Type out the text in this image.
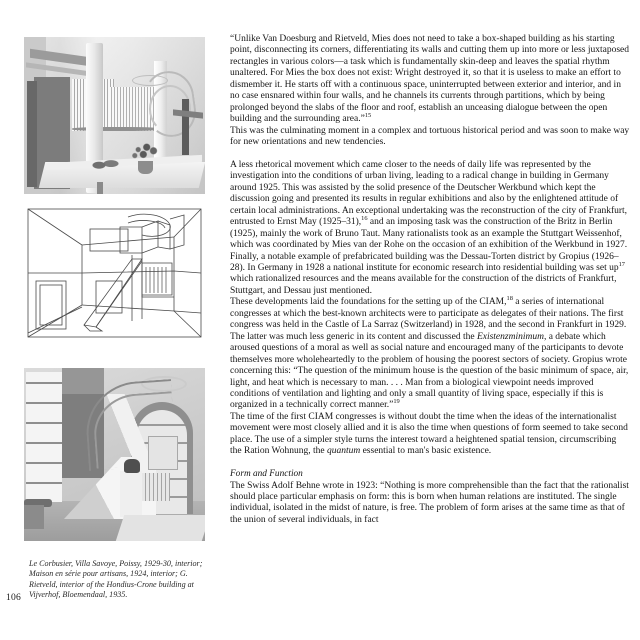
Le Corbusier, Villa Savoye, Poissy, 1929-30, interior; Maison en série pour artisans, 1924, interior; G. Rietveld, interior of the Hondius-Crone building at Vijverhof, Bloemendaal, 1935.
106

“Unlike Van Doesburg and Rietveld, Mies does not need to take a box-shaped building as his starting point, disconnecting its corners, differentiating its walls and cutting them up into more or less juxtaposed rectangles in various colors—a task which is fundamentally skin-deep and leaves the spatial rhythm unaltered. For Mies the box does not exist: Wright destroyed it, so that it is useless to make an effort to dismember it. He starts off with a continuous space, uninterrupted between exterior and interior, and in no case ensnared within four walls, and he channels its currents through partitions, which by being prolonged beyond the slabs of the floor and roof, establish an unceasing dialogue between the open building and the surrounding area.”$^{15}$

This was the culminating moment in a complex and tortuous historical period and was soon to make way for new orientations and new tendencies.

A less rhetorical movement which came closer to the needs of daily life was represented by the investigation into the conditions of urban living, leading to a radical change in building in Germany around 1925. This was assisted by the solid presence of the Deutscher Werkbund which kept the discussion going and presented its results in regular exhibitions and also by the enlightened attitude of certain local administrations. An exceptional undertaking was the reconstruction of the city of Frankfurt, entrusted to Ernst May (1925–31),$^{16}$ and an imposing task was the construction of the Britz in Berlin (1925), mainly the work of Bruno Taut. Many rationalists took as an example the Stuttgart Weissenhof, which was coordinated by Mies van der Rohe on the occasion of an exhibition of the Werkbund in 1927. Finally, a notable example of prefabricated building was the Dessau-Torten district by Gropius (1926–28). In Germany in 1928 a national institute for economic research into residential building was set $up^{17}$ which rationalized resources and the means available for the construction of the districts of Frankfurt, Stuttgart, and Dessau just mentioned.

These developments laid the foundations for the setting up of the CIAM,$^{18}$ a series of international congresses at which the best-known architects were to participate as delegates of their nations. The first congress was held in the Castle of La Sarraz (Switzerland) in 1928, and the second in Frankfurt in 1929. The latter was much less generic in its content and discussed the Existenzminimum, a debate which aroused questions of a moral as well as social nature and encouraged many of the participants to devote themselves more wholeheartedly to the problem of housing the poorest sectors of society. Gropius wrote concerning this: “The question of the minimum house is the question of the basic minimum of space, air, light, and heat which is necessary to man. . . . Man from a biological viewpoint needs improved conditions of ventilation and lighting and only a small quantity of living space, especially if this is organized in a technically correct manner.”$^{19}$

The time of the first CIAM congresses is without doubt the time when the ideas of the internationalist movement were most closely allied and it is also the time when questions of form seemed to take second place. The use of a simpler style turns the interest toward a heightened spatial tension, circumscribing the Ration Wohnung, the quantum essential to man's basic existence.

Form and Function

The Swiss Adolf Behne wrote in 1923: “Nothing is more comprehensible than the fact that the rationalist should place particular emphasis on form: this is born when human relations are instituted. The single individual, isolated in the midst of nature, is free. The problem of form arises at the same time as that of the union of several individuals, in fact
